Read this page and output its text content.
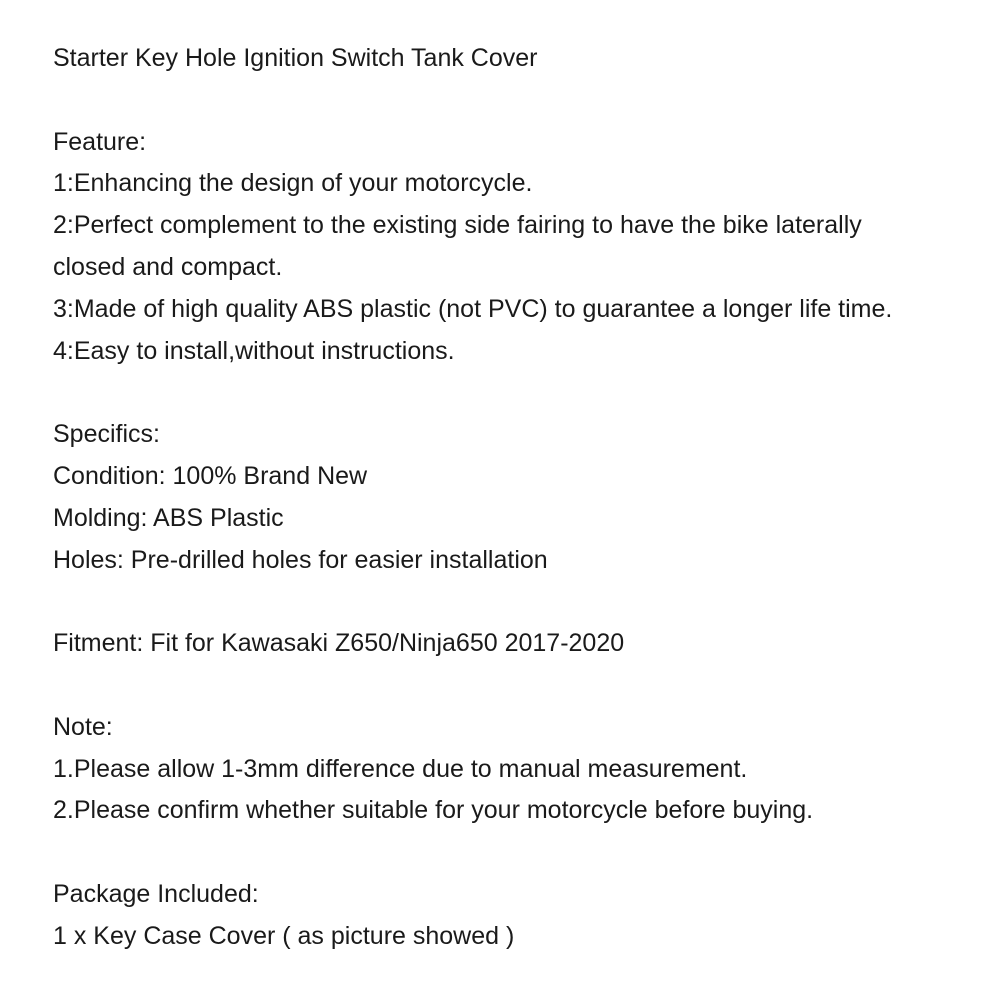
Starter Key Hole Ignition Switch Tank Cover
Feature:
1:Enhancing the design of your motorcycle.
2:Perfect complement to the existing side fairing to have the bike laterally
closed and compact.
3:Made of high quality ABS plastic (not PVC) to guarantee a longer life time.
4:Easy to install,without instructions.
Specifics:
Condition: 100% Brand New
Molding: ABS Plastic
Holes: Pre-drilled holes for easier installation
Fitment: Fit for Kawasaki Z650/Ninja650 2017-2020
Note:
1.Please allow 1-3mm difference due to manual measurement.
2.Please confirm whether suitable for your motorcycle before buying.
Package Included:
1 x Key Case Cover ( as picture showed )
